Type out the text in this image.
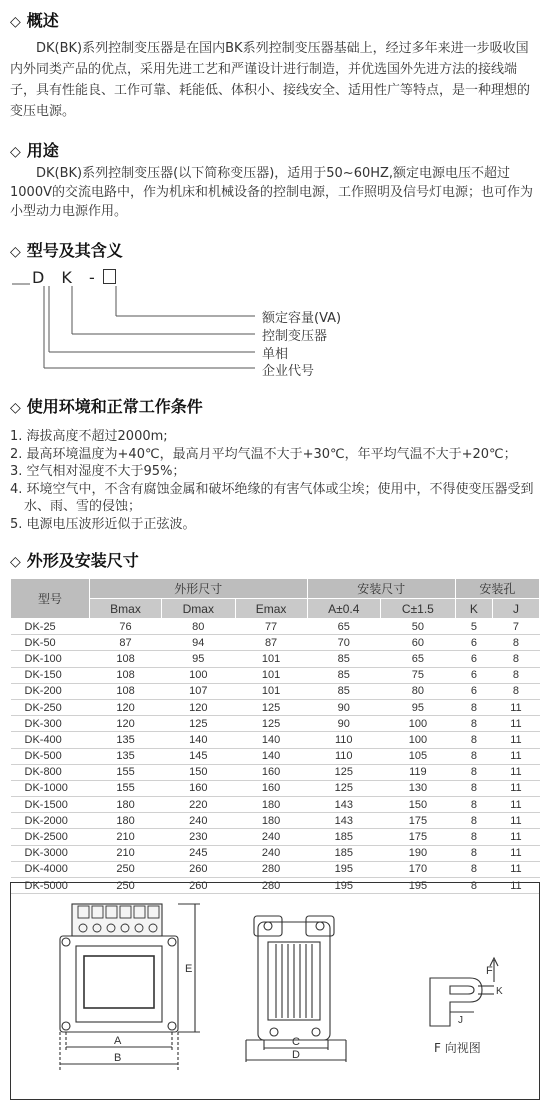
◇ 概述
DK(BK)系列控制变压器是在国内BK系列控制变压器基础上，经过多年来进一步吸收国内外同类产品的优点，采用先进工艺和严谨设计进行制造，并优选国外先进方法的接线端子，具有性能良、工作可靠、耗能低、体积小、接线安全、适用性广等特点，是一种理想的变压电源。
◇ 用途
DK(BK)系列控制变压器(以下简称变压器)，适用于50~60HZ,额定电源电压不超过1000V的交流电路中，作为机床和机械设备的控制电源，工作照明及信号灯电源；也可作为小型动力电源作用。
◇ 型号及其含义
D K -
额定容量(VA)
控制变压器
单相
企业代号
◇ 使用环境和正常工作条件
1. 海拔高度不超过2000m;
2. 最高环境温度为+40℃，最高月平均气温不大于+30℃，年平均气温不大于+20℃；
3. 空气相对湿度不大于95%；
4. 环境空气中，不含有腐蚀金属和破坏绝缘的有害气体或尘埃；使用中，不得使变压器受到水、雨、雪的侵蚀；
5. 电源电压波形近似于正弦波。
◇ 外形及安装尺寸
型号	外形尺寸			安装尺寸		安装孔	
	Bmax	Dmax	Emax	A±0.4	C±1.5	K	J
DK-25	76	80	77	65	50	5	7
DK-50	87	94	87	70	60	6	8
DK-100	108	95	101	85	65	6	8
DK-150	108	100	101	85	75	6	8
DK-200	108	107	101	85	80	6	8
DK-250	120	120	125	90	95	8	11
DK-300	120	125	125	90	100	8	11
DK-400	135	140	140	110	100	8	11
DK-500	135	145	140	110	105	8	11
DK-800	155	150	160	125	119	8	11
DK-1000	155	160	160	125	130	8	11
DK-1500	180	220	180	143	150	8	11
DK-2000	180	240	180	143	175	8	11
DK-2500	210	230	240	185	175	8	11
DK-3000	210	245	240	185	190	8	11
DK-4000	250	260	280	195	170	8	11
DK-5000	250	260	280	195	195	8	11
A
B
E
C
D
F
K
J
F 向视图
